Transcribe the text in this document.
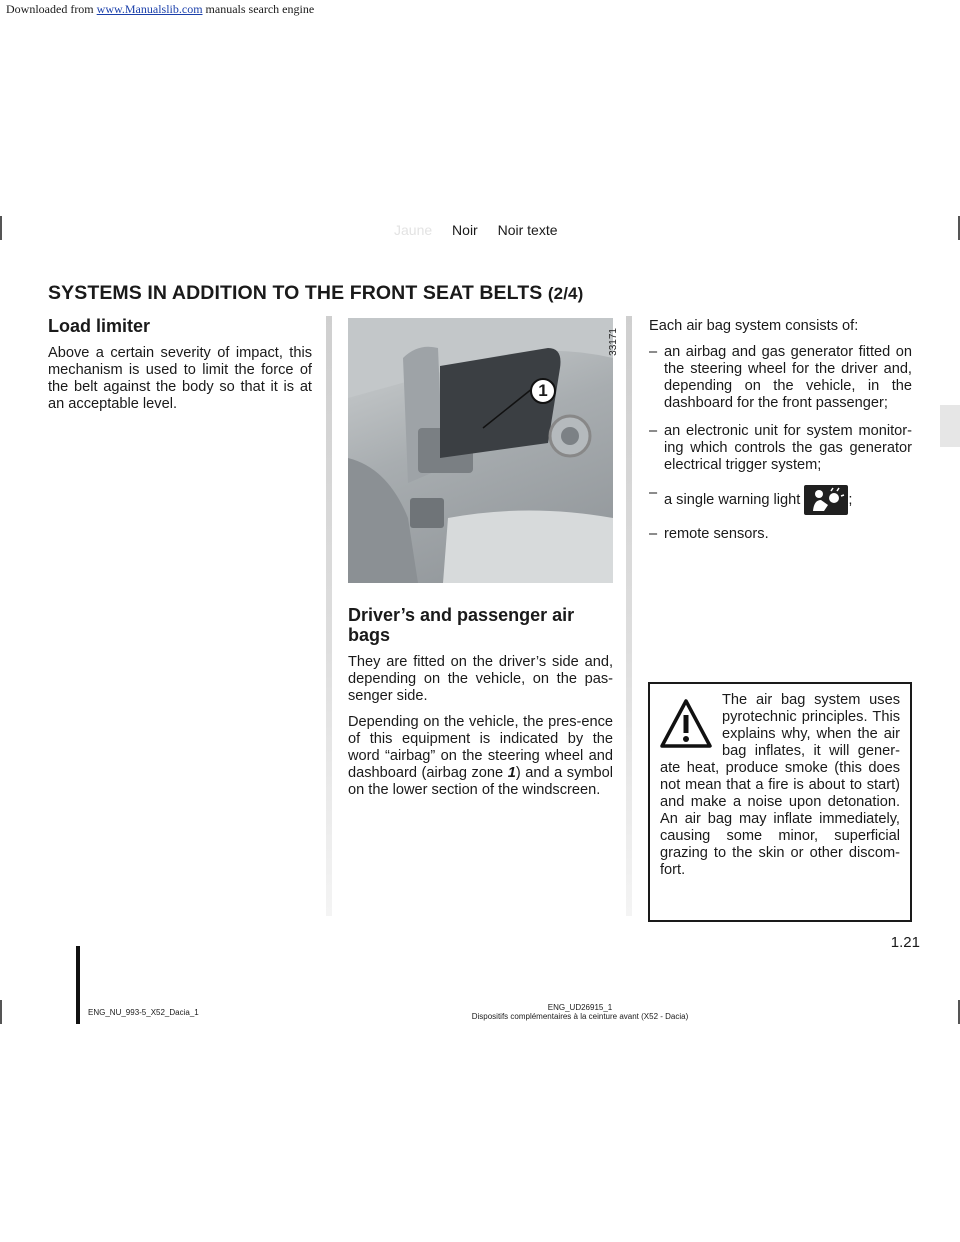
Downloaded from www.Manualslib.com manuals search engine
Jaune Noir Noir texte
SYSTEMS IN ADDITION TO THE FRONT SEAT BELTS (2/4)
Load limiter

Above a certain severity of impact, this mechanism is used to limit the force of the belt against the body so that it is at an acceptable level.

1
33171
Driver’s and passenger air bags

They are fitted on the driver’s side and, depending on the vehicle, on the pas-senger side.

Depending on the vehicle, the pres-ence of this equipment is indicated by the word “airbag” on the steering wheel and dashboard (airbag zone 1) and a symbol on the lower section of the windscreen.

Each air bag system consists of:

– an airbag and gas generator fitted on the steering wheel for the driver and, depending on the vehicle, in the dashboard for the front passenger;
– an electronic unit for system monitor-ing which controls the gas generator electrical trigger system;
– a single warning light	;
– remote sensors.

The air bag system uses pyrotechnic principles. This explains why, when the air bag inflates, it will gener-ate heat, produce smoke (this does not mean that a fire is about to start) and make a noise upon detonation. An air bag may inflate immediately, causing some minor, superficial grazing to the skin or other discom-fort.

1.21
ENG_NU_993-5_X52_Dacia_1
ENG_UD26915_1
Dispositifs complémentaires à la ceinture avant (X52 - Dacia)
